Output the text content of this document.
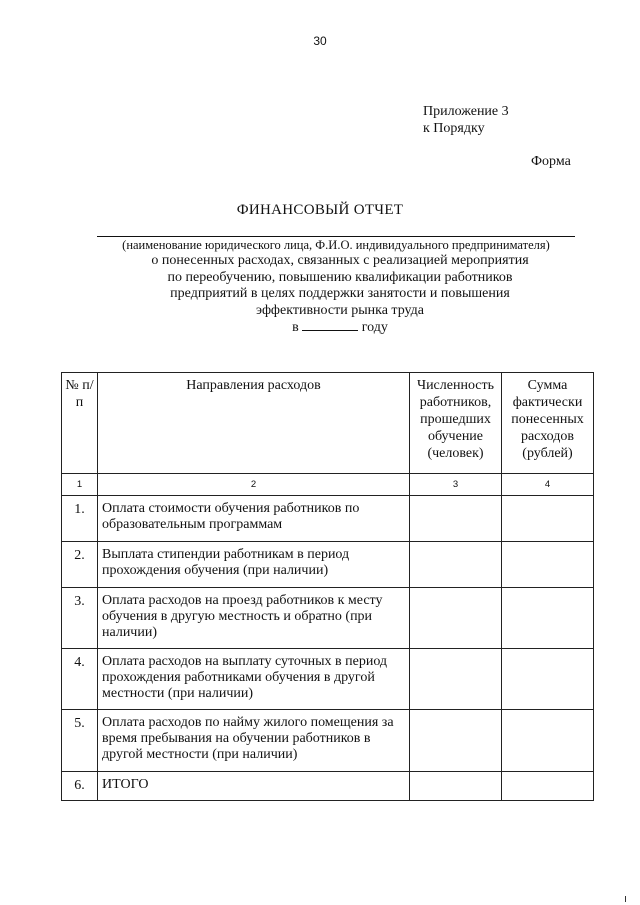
30
Приложение 3
к Порядку
Форма
ФИНАНСОВЫЙ ОТЧЕТ
(наименование юридического лица, Ф.И.О. индивидуального предпринимателя)
о понесенных расходах, связанных с реализацией мероприятия
по переобучению, повышению квалификации работников
предприятий в целях поддержки занятости и повышения
эффективности рынка труда
в	году
№ п/п	Направления расходов	Численность работников, прошедших обучение (человек)	Сумма фактически понесенных расходов (рублей)
1	2	3	4
1.	Оплата стоимости обучения работников по образовательным программам		
2.	Выплата стипендии работникам в период прохождения обучения (при наличии)		
3.	Оплата расходов на проезд работников к месту обучения в другую местность и обратно (при наличии)		
4.	Оплата расходов на выплату суточных в период прохождения работниками обучения в другой местности (при наличии)		
5.	Оплата расходов по найму жилого помещения за время пребывания на обучении работников в другой местности (при наличии)		
6.	ИТОГО		
